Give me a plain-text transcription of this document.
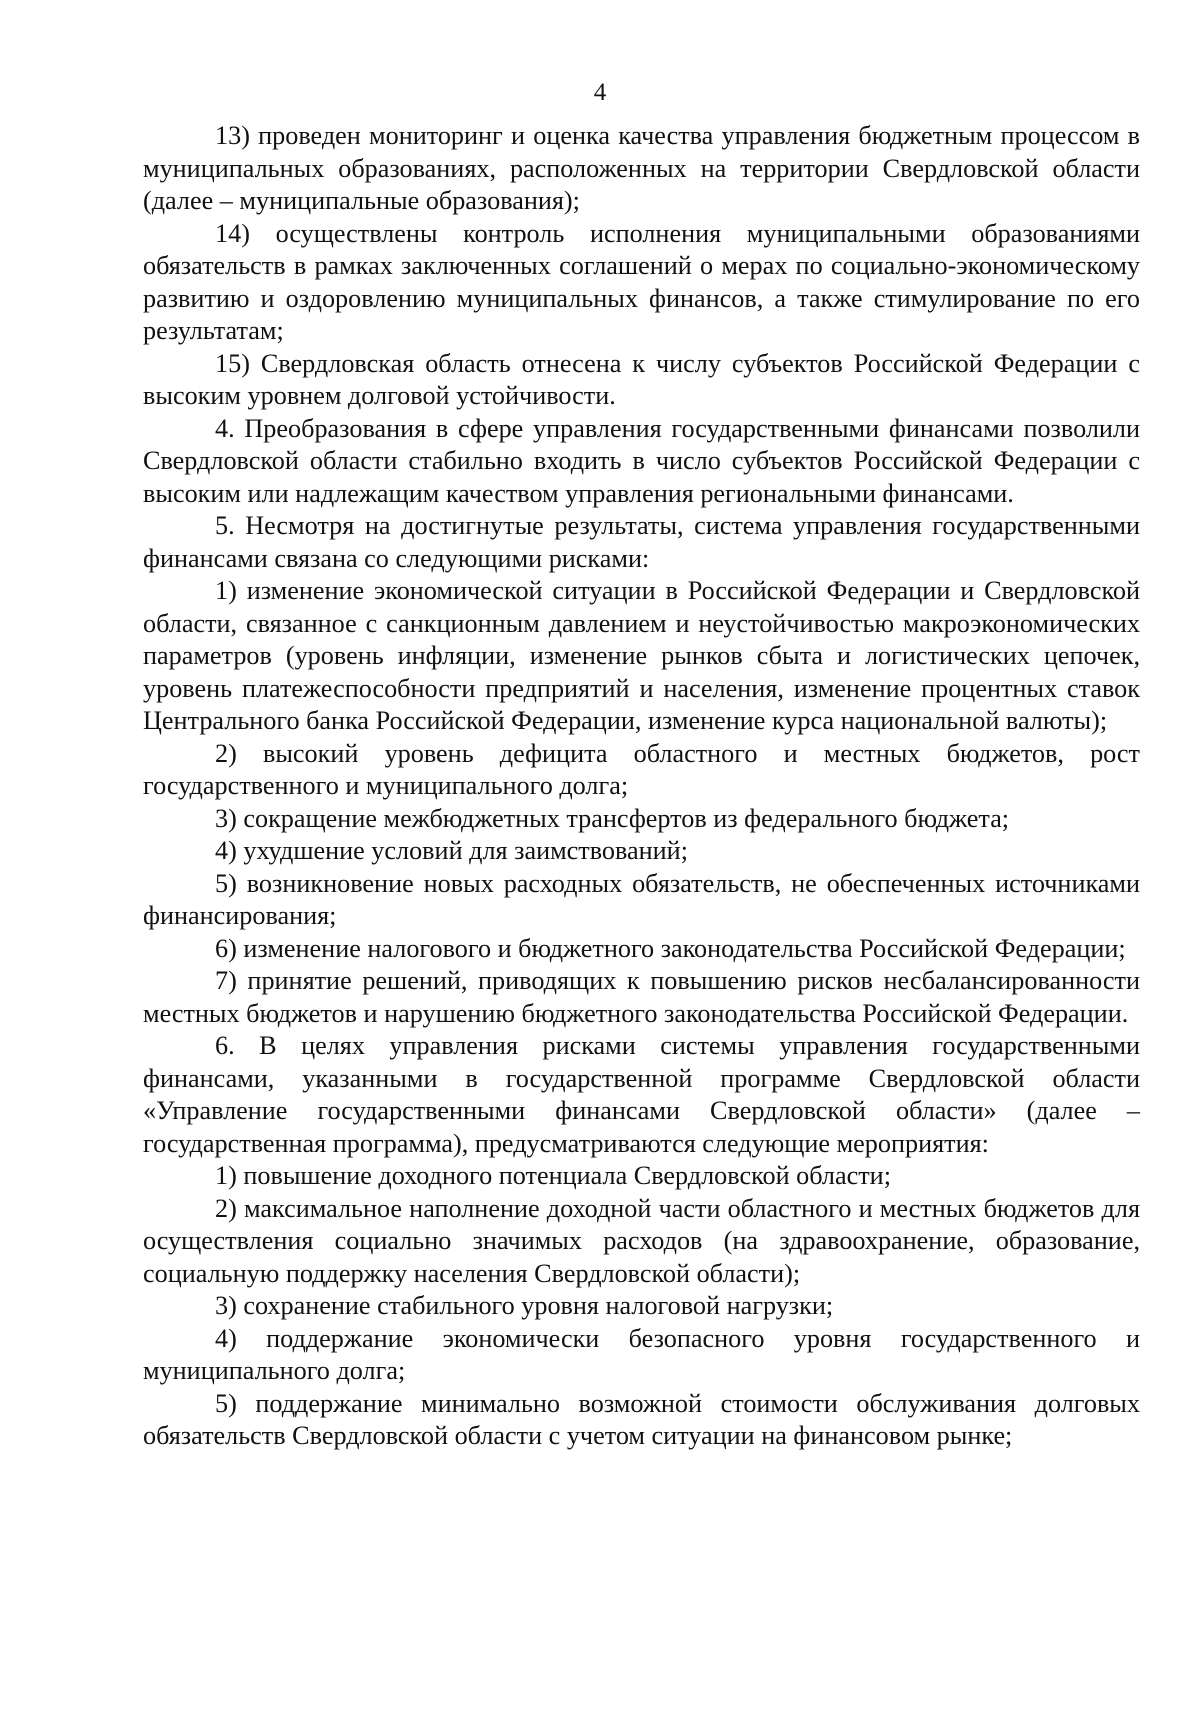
4

13) проведен мониторинг и оценка качества управления бюджетным процессом в муниципальных образованиях, расположенных на территории Свердловской области (далее – муниципальные образования);

14) осуществлены контроль исполнения муниципальными образованиями обязательств в рамках заключенных соглашений о мерах по социально-экономическому развитию и оздоровлению муниципальных финансов, а также стимулирование по его результатам;

15) Свердловская область отнесена к числу субъектов Российской Федерации с высоким уровнем долговой устойчивости.

4. Преобразования в сфере управления государственными финансами позволили Свердловской области стабильно входить в число субъектов Российской Федерации с высоким или надлежащим качеством управления региональными финансами.

5. Несмотря на достигнутые результаты, система управления государственными финансами связана со следующими рисками:

1) изменение экономической ситуации в Российской Федерации и Свердловской области, связанное с санкционным давлением и неустойчивостью макроэкономических параметров (уровень инфляции, изменение рынков сбыта и логистических цепочек, уровень платежеспособности предприятий и населения, изменение процентных ставок Центрального банка Российской Федерации, изменение курса национальной валюты);

2) высокий уровень дефицита областного и местных бюджетов, рост государственного и муниципального долга;

3) сокращение межбюджетных трансфертов из федерального бюджета;

4) ухудшение условий для заимствований;

5) возникновение новых расходных обязательств, не обеспеченных источниками финансирования;

6) изменение налогового и бюджетного законодательства Российской Федерации;

7) принятие решений, приводящих к повышению рисков несбалансированности местных бюджетов и нарушению бюджетного законодательства Российской Федерации.

6. В целях управления рисками системы управления государственными финансами, указанными в государственной программе Свердловской области «Управление государственными финансами Свердловской области» (далее – государственная программа), предусматриваются следующие мероприятия:

1) повышение доходного потенциала Свердловской области;

2) максимальное наполнение доходной части областного и местных бюджетов для осуществления социально значимых расходов (на здравоохранение, образование, социальную поддержку населения Свердловской области);

3) сохранение стабильного уровня налоговой нагрузки;

4) поддержание экономически безопасного уровня государственного и муниципального долга;

5) поддержание минимально возможной стоимости обслуживания долговых обязательств Свердловской области с учетом ситуации на финансовом рынке;
